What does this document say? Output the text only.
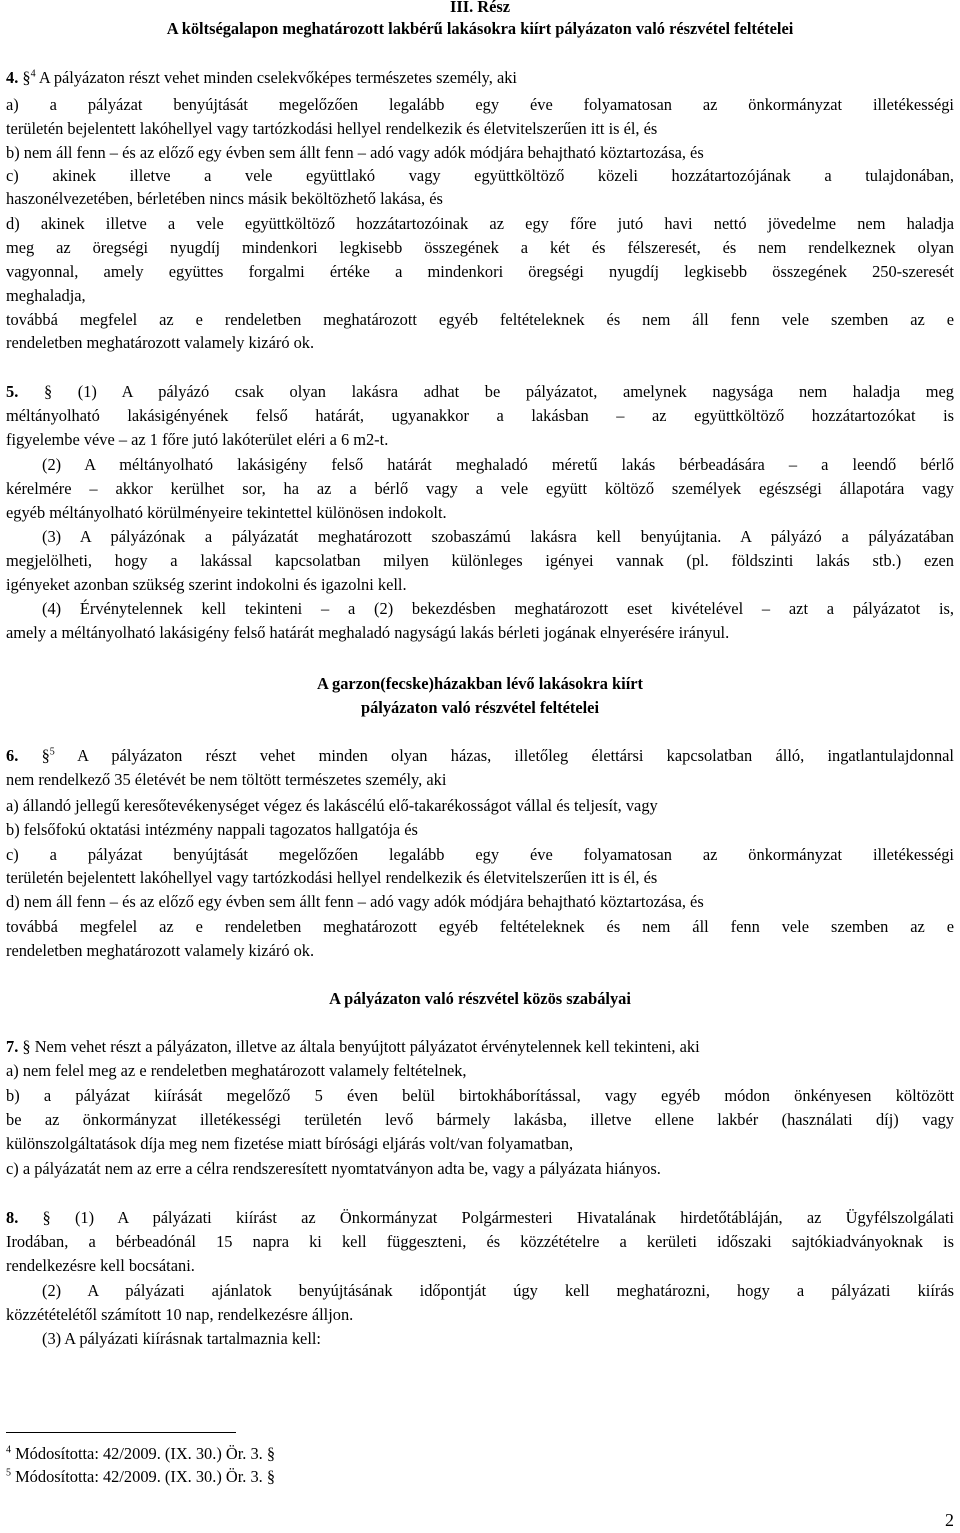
III. Rész
A költségalapon meghatározott lakbérű lakásokra kiírt pályázaton való részvétel feltételei
4. §$^4$ A pályázaton részt vehet minden cselekvőképes természetes személy, aki
a) a pályázat benyújtását megelőzően legalább egy éve folyamatosan az önkormányzat illetékességi
területén bejelentett lakóhellyel vagy tartózkodási hellyel rendelkezik és életvitelszerűen itt is él, és
b) nem áll fenn – és az előző egy évben sem állt fenn – adó vagy adók módjára behajtható köztartozása, és
c) akinek illetve a vele együttlakó vagy együttköltöző közeli hozzátartozójának a tulajdonában,
haszonélvezetében, bérletében nincs másik beköltözhető lakása, és
d) akinek illetve a vele együttköltöző hozzátartozóinak az egy főre jutó havi nettó jövedelme nem haladja
meg az öregségi nyugdíj mindenkori legkisebb összegének a két és félszeresét, és nem rendelkeznek olyan
vagyonnal, amely együttes forgalmi értéke a mindenkori öregségi nyugdíj legkisebb összegének 250-szeresét
meghaladja,
továbbá megfelel az e rendeletben meghatározott egyéb feltételeknek és nem áll fenn vele szemben az e
rendeletben meghatározott valamely kizáró ok.
5. § (1) A pályázó csak olyan lakásra adhat be pályázatot, amelynek nagysága nem haladja meg
méltányolható lakásigényének felső határát, ugyanakkor a lakásban – az együttköltöző hozzátartozókat is
figyelembe véve – az 1 főre jutó lakóterület eléri a 6 m2-t.
(2) A méltányolható lakásigény felső határát meghaladó méretű lakás bérbeadására – a leendő bérlő
kérelmére – akkor kerülhet sor, ha az a bérlő vagy a vele együtt költöző személyek egészségi állapotára vagy
egyéb méltányolható körülményeire tekintettel különösen indokolt.
(3) A pályázónak a pályázatát meghatározott szobaszámú lakásra kell benyújtania. A pályázó a pályázatában
megjelölheti, hogy a lakással kapcsolatban milyen különleges igényei vannak (pl. földszinti lakás stb.) ezen
igényeket azonban szükség szerint indokolni és igazolni kell.
(4) Érvénytelennek kell tekinteni – a (2) bekezdésben meghatározott eset kivételével – azt a pályázatot is,
amely a méltányolható lakásigény felső határát meghaladó nagyságú lakás bérleti jogának elnyerésére irányul.
A garzon(fecske)házakban lévő lakásokra kiírt
pályázaton való részvétel feltételei
6. §$^5$ A pályázaton részt vehet minden olyan házas, illetőleg élettársi kapcsolatban álló, ingatlantulajdonnal
nem rendelkező 35 életévét be nem töltött természetes személy, aki
a) állandó jellegű keresőtevékenységet végez és lakáscélú elő-takarékosságot vállal és teljesít, vagy
b) felsőfokú oktatási intézmény nappali tagozatos hallgatója és
c) a pályázat benyújtását megelőzően legalább egy éve folyamatosan az önkormányzat illetékességi
területén bejelentett lakóhellyel vagy tartózkodási hellyel rendelkezik és életvitelszerűen itt is él, és
d) nem áll fenn – és az előző egy évben sem állt fenn – adó vagy adók módjára behajtható köztartozása, és
továbbá megfelel az e rendeletben meghatározott egyéb feltételeknek és nem áll fenn vele szemben az e
rendeletben meghatározott valamely kizáró ok.
A pályázaton való részvétel közös szabályai
7. § Nem vehet részt a pályázaton, illetve az általa benyújtott pályázatot érvénytelennek kell tekinteni, aki
a) nem felel meg az e rendeletben meghatározott valamely feltételnek,
b) a pályázat kiírását megelőző 5 éven belül birtokháborítással, vagy egyéb módon önkényesen költözött
be az önkormányzat illetékességi területén levő bármely lakásba, illetve ellene lakbér (használati díj) vagy
különszolgáltatások díja meg nem fizetése miatt bírósági eljárás volt/van folyamatban,
c) a pályázatát nem az erre a célra rendszeresített nyomtatványon adta be, vagy a pályázata hiányos.
8. § (1) A pályázati kiírást az Önkormányzat Polgármesteri Hivatalának hirdetőtábláján, az Ügyfélszolgálati
Irodában, a bérbeadónál 15 napra ki kell függeszteni, és közzétételre a kerületi időszaki sajtókiadványoknak is
rendelkezésre kell bocsátani.
(2) A pályázati ajánlatok benyújtásának időpontját úgy kell meghatározni, hogy a pályázati kiírás
közzétételétől számított 10 nap, rendelkezésre álljon.
(3) A pályázati kiírásnak tartalmaznia kell:
$^4$ Módosította: 42/2009. (IX. 30.) Ör. 3. §
$^5$ Módosította: 42/2009. (IX. 30.) Ör. 3. §
2
